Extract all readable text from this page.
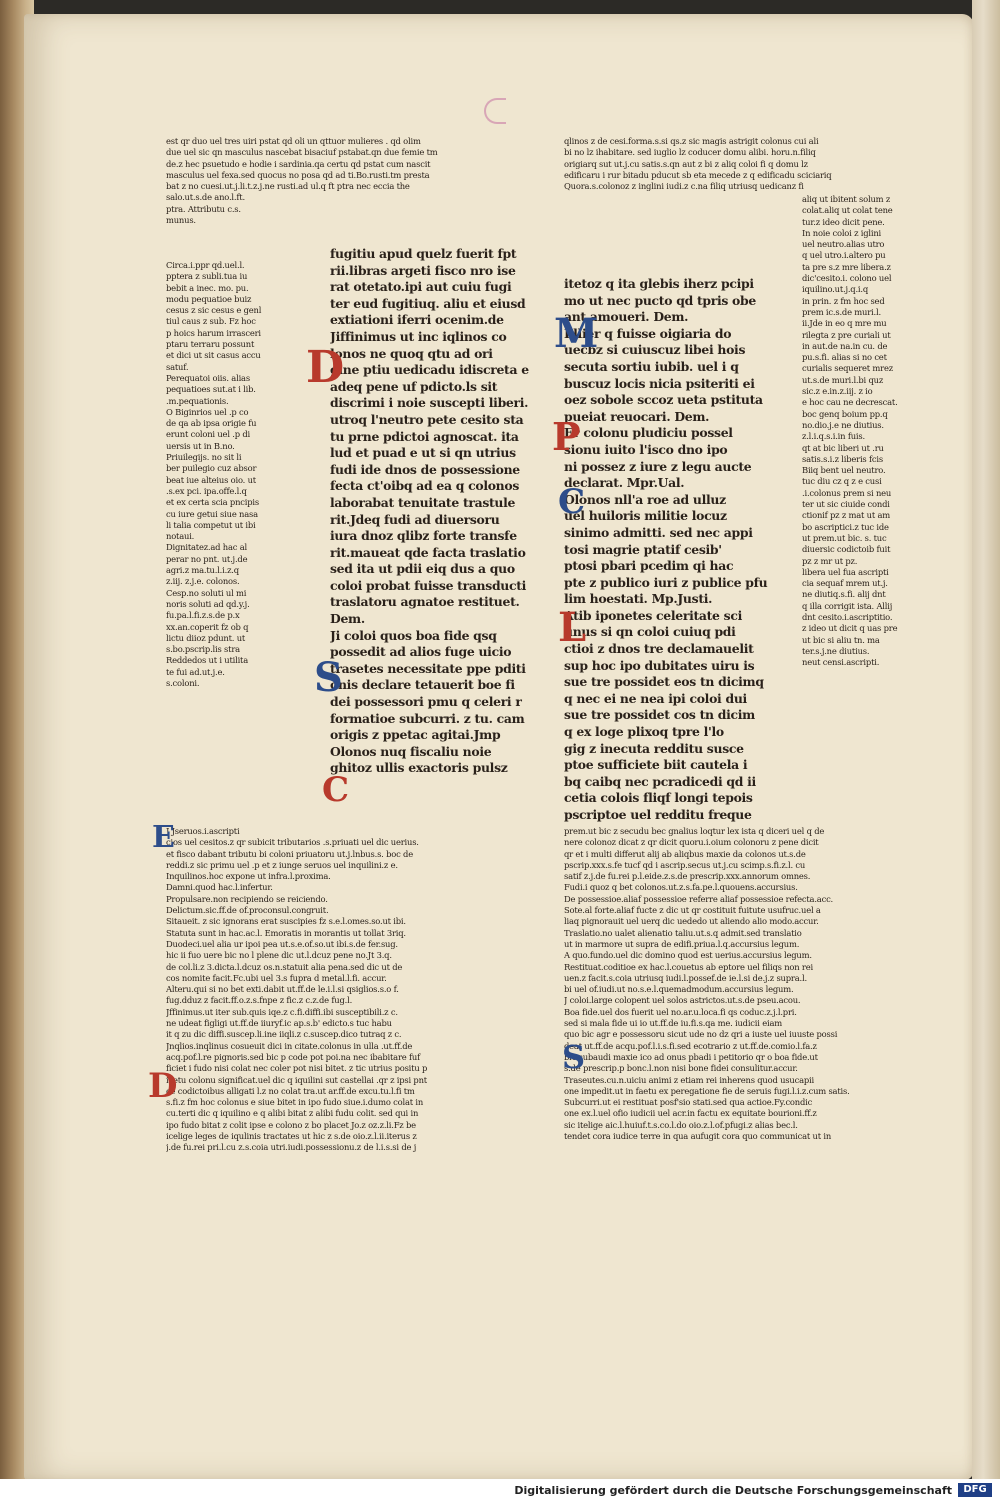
est qr duo uel tres uiri pstat qd oli un qttuor mulieres . qd olim
due uel sic qn masculus nascebat bisaciuf pstabat.qn due femie tm
de.z hec psuetudo e hodie i sardinia.qa certu qd pstat cum nascit
masculus uel fexa.sed quocus no posa qd ad ti.Bo.rusti.tm presta
bat z no cuesi.ut.j.li.t.z.j.ne rusti.ad ul.q ft ptra nec eccia the
salo.ut.s.de ano.l.ft.
ptra. Attributu c.s.
munus.
Circa.i.ppr qd.uel.l.
pptera z subli.tua iu
bebit a inec. mo. pu.
modu pequatioe buiz
cesus z sic cesus e genl
tiul caus z sub. Fz hoc
p hoics harum irrasceri
ptaru terraru possunt
et dici ut sit casus accu
satuf.
Perequatoi oiis. alias
pequatioes sut.at i lib.
.m.pequationis.
O Biginrios uel .p co
de qa ab ipsa origie fu
erunt coloni uel .p di
uersis ut in B.no.
Priuilegijs. no sit li
ber puilegio cuz absor
beat iue alteius oio. ut
.s.ex pci. ipa.offe.l.q
et ex certa scia pncipis
cu iure getui siue nasa
li talia competut ut ibi
notaui.
Dignitatez.ad hac al
perar no pnt. ut.j.de
agri.z ma.tu.l.i.z.q
z.iij. z.j.e. colonos.
Cesp.no soluti ul mi
noris soluti ad qd.y.j.
fu.pa.l.fi.z.s.de p.x
xx.an.coperit fz ob q
lictu diioz pdunt. ut
s.bo.pscrip.lis stra
Reddedos ut i utilita
te fui ad.ut.j.e.
s.coloni.
fugitiu apud quelz fuerit fpt
rii.libras argeti fisco nro ise
rat otetato.ipi aut cuiu fugi
ter eud fugitiuq. aliu et eiusd
extiationi iferri ocenim.de
Jiffinimus ut inc iqlinos co
lonos ne quoq qtu ad ori
gine ptiu uedicadu idiscreta e
adeq pene uf pdicto.ls sit
discrimi i noie suscepti liberi.
utroq l'neutro pete cesito sta
tu prne pdictoi agnoscat. ita
lud et puad e ut si qn utrius
fudi ide dnos de possessione
fecta ct'oibq ad ea q colonos
laborabat tenuitate trastule
rit.Jdeq fudi ad diuersoru
iura dnoz qlibz forte transfe
rit.maueat qde facta traslatio
sed ita ut pdii eiq dus a quo
coloi probat fuisse transducti
traslatoru agnatoe restituet.
Dem.
Ji coloi quos boa fide qsq
possedit ad alios fuge uicio
trasetes necessitate ppe pditi
onis declare tetauerit boe fi
dei possessori pmu q celeri r
formatioe subcurri. z tu. cam
origis z ppetac agitai.Jmp
Olonos nuq fiscaliu noie
ghitoz ullis exactoris pulsz
qlinos z de cesi.forma.s.si qs.z sic magis astrigit colonus cui ali
bi no lz ihabitare. sed iuglio lz coducer domu alibi. horu.n.filiq
origiarq sut ut.j.cu satis.s.qn aut z bi z aliq coloi fi q domu lz
edificaru i rur bitadu pducut sb eta mecede z q edificadu sciciariq
Quora.s.colonoz z inglini iudi.z c.na filiq utriusq uedicanz fi
itetoz q ita glebis iherz pcipi
mo ut nec pucto qd tpris obe
ant amoueri. Dem.
Ellier q fuisse oigiaria do
uecbz si cuiuscuz libei hois
secuta sortiu iubib. uel i q
buscuz locis nicia psiteriti ei
oez sobole sccoz ueta pstituta
pueiat reuocari. Dem.
Er colonu pludiciu possel
sionu iuito l'isco dno ipo
ni possez z iure z legu aucte
declarat. Mpr.Ual.
Olonos nll'a roe ad ulluz
uel huiloris militie locuz
sinimo admitti. sed nec appi
tosi magrie ptatif cesib'
ptosi pbari pcedim qi hac
pte z publico iuri z publice pfu
lim hoestati. Mp.Justi.
Atib iponetes celeritate sci
unus si qn coloi cuiuq pdi
ctioi z dnos tre declamauelit
sup hoc ipo dubitates uiru is
sue tre possidet eos tn dicimq
q nec ei ne nea ipi coloi dui
sue tre possidet cos tn dicim
q ex loge plixoq tpre l'lo
gig z inecuta redditu susce
ptoe sufficiete biit cautela i
bq caibq nec pcradicedi qd ii
cetia colois fliqf longi tepois
pscriptoe uel redditu freque
aliq ut ibitent solum z
colat.aliq ut colat tene
tur.z ideo dicit pene.
In noie coloi z iglini
uel neutro.alias utro
q uel utro.i.altero pu
ta pre s.z mre libera.z
dic'cesito.i. colono uel
iquilino.ut.j.q.i.q
in prin. z fm hoc sed
prem ic.s.de muri.l.
ii.Jde in eo q mre mu
rilegta z pre curiali ut
in aut.de na.in cu. de
pu.s.fi. alias si no cet
curialis sequeret mrez
ut.s.de muri.l.bi quz
sic.z e.in.z.iij. z io
e hoc cau ne decrescat.
boc genq boium pp.q
no.dio.j.e ne diutius.
z.l.i.q.s.i.in fuis.
qt at bic liberi ut .ru
satis.s.i.z liberis fcis
Biiq bent uel neutro.
tuc diu cz q z e cusi
.i.colonus prem si neu
ter ut sic ciuide condi
ctionif pz z mat ut am
bo ascriptici.z tuc ide
ut prem.ut bic. s. tuc
diuersic codictoib fuit
pz z mr ut pz.
libera uel fua ascripti
cia sequaf mrem ut.j.
ne diutiq.s.fi. alij dnt
q illa corrigit ista. Allij
dnt cesito.i.ascriptitio.
z ideo ut dicit q uas pre
ut bic si aliu tn. ma
ter.s.j.ne diutius.
neut censi.ascripti.
J Jseruos.i.ascripti
cios uel cesitos.z qr subicit tributarios .s.priuati uel dic uerius.
et fisco dabant tributu bi coloni priuatoru ut.j.lnbus.s. boc de
reddi.z sic primu uel .p et z iunge seruos uel inquilini.z e.
Inquilinos.hoc expone ut infra.l.proxima.
Damni.quod hac.l.infertur.
Propulsare.non recipiendo se reiciendo.
Delictum.sic.ff.de of.proconsul.congruit.
Sitaueit. z sic ignorans erat suscipies fz s.e.l.omes.so.ut ibi.
Statuta sunt in hac.ac.l. Emoratis in morantis ut tollat 3riq.
Duodeci.uel alia ur ipoi pea ut.s.e.of.so.ut ibi.s.de fer.sug.
hic ii fuo uere bic no l plene dic ut.l.dcuz pene no.Jt 3.q.
de col.li.z 3.dicta.l.dcuz os.n.statuit alia pena.sed dic ut de
cos nomite facit.Fc.ubi uel 3.s fupra d metal.l.fi. accur.
Alteru.qui si no bet exti.dabit ut.ff.de le.i.l.si qsiglios.s.o f.
fug.dduz z facit.ff.o.z.s.fnpe z fic.z c.z.de fug.l.
Jffinimus.ut iter sub.quis iqe.z c.fi.diffi.ibi susceptibili.z c.
ne udeat figligi ut.ff.de iiuryf.ic ap.s.b' edicto.s tuc habu
it q zu dic diffi.suscep.li.ine iiqli.z c.suscep.dico tutraq z c.
Jnqlios.inqlinus cosueuit dici in citate.colonus in ulla .ut.ff.de
acq.pof.l.re pignoris.sed bic p code pot poi.na nec ibabitare fuf
ficiet i fudo nisi colat nec coler pot nisi bitet. z tic utrius positu p
icetu colonu significat.uel dic q iquilini sut castellai .qr z ipsi pnt
ce codictoibus alligati l.z no colat tra.ut ar.ff.de excu.tu.l.fi tm
s.fi.z fm hoc colonus e siue bitet in ipo fudo siue.i.dumo colat in
cu.terti dic q iquilino e q alibi bitat z alibi fudu colit. sed qui in
ipo fudo bitat z colit ipse e colono z bo placet Jo.z oz.z.li.Fz be
icelige leges de iqulinis tractates ut hic z s.de oio.z.l.ii.iterus z
j.de fu.rei pri.l.cu z.s.coia utri.iudi.possessionu.z de l.i.s.si de j
prem.ut bic z secudu bec gnalius loqtur lex ista q diceri uel q de
nere colonoz dicat z qr dicit quoru.i.oium colonoru z pene dicit
qr et i multi differut alij ab aliqbus maxie da colonos ut.s.de
pscrip.xxx.s.fe tucf qd i ascrip.secus ut.j.cu scimp.s.fi.z.l. cu
satif z.j.de fu.rei p.l.eide.z.s.de prescrip.xxx.annorum omnes.
Fudi.i quoz q bet colonos.ut.z.s.fa.pe.l.quouens.accursius.
De possessioe.aliaf possessioe referre aliaf possessioe refecta.acc.
Sote.al forte.aliaf fucte z dic ut qr costituit fuitute usufruc.uel a
liaq pignorauit uel uerq dic uededo ut aliendo alio modo.accur.
Traslatio.no ualet alienatio taliu.ut.s.q admit.sed translatio
ut in marmore ut supra de edifi.priua.l.q.accursius legum.
A quo.fundo.uel dic domino quod est uerius.accursius legum.
Restituat.coditioe ex hac.l.couetus ab eptore uel filiqs non rei
uen.z facit.s.coia utriusq iudi.l.possef.de ie.l.si de.j.z supra.l.
bi uel of.iudi.ut no.s.e.l.quemadmodum.accursius legum.
J coloi.large colopent uel solos astrictos.ut.s.de pseu.acou.
Boa fide.uel dos fuerit uel no.ar.u.loca.fi qs coduc.z.j.l.pri.
sed si mala fide ui io ut.ff.de iu.fi.s.qa me. iudicii eiam
quo bic agr e possessoru sicut ude no dz qri a iuste uel iuuste possi
deat ut.ff.de acqu.pof.l.i.s.fi.sed ecotrario z ut.ff.de.comio.l.fa.z
bic subaudi maxie ico ad onus pbadi i petitorio qr o boa fide.ut
s.de prescrip.p bonc.l.non nisi bone fidei consulitur.accur.
Traseutes.cu.n.uiciu animi z etiam rei inherens quod usucapii
one impedit.ut in faetu ex peregatione fie de seruis fugi.l.i.z.cum satis.
Subcurri.ut ei restituat posf'sio stati.sed qua actioe.Fy.condic
one ex.l.uel ofio iudicii uel acr.in factu ex equitate bourioni.ff.z
sic itelige aic.l.huiuf.t.s.co.l.do oio.z.l.of.pfugi.z alias bec.l.
tendet cora iudice terre in qua aufugit cora quo communicat ut in
D
S
C
M
P
C
L
E
D
S
Digitalisierung gefördert durch die Deutsche Forschungsgemeinschaft	DFG
